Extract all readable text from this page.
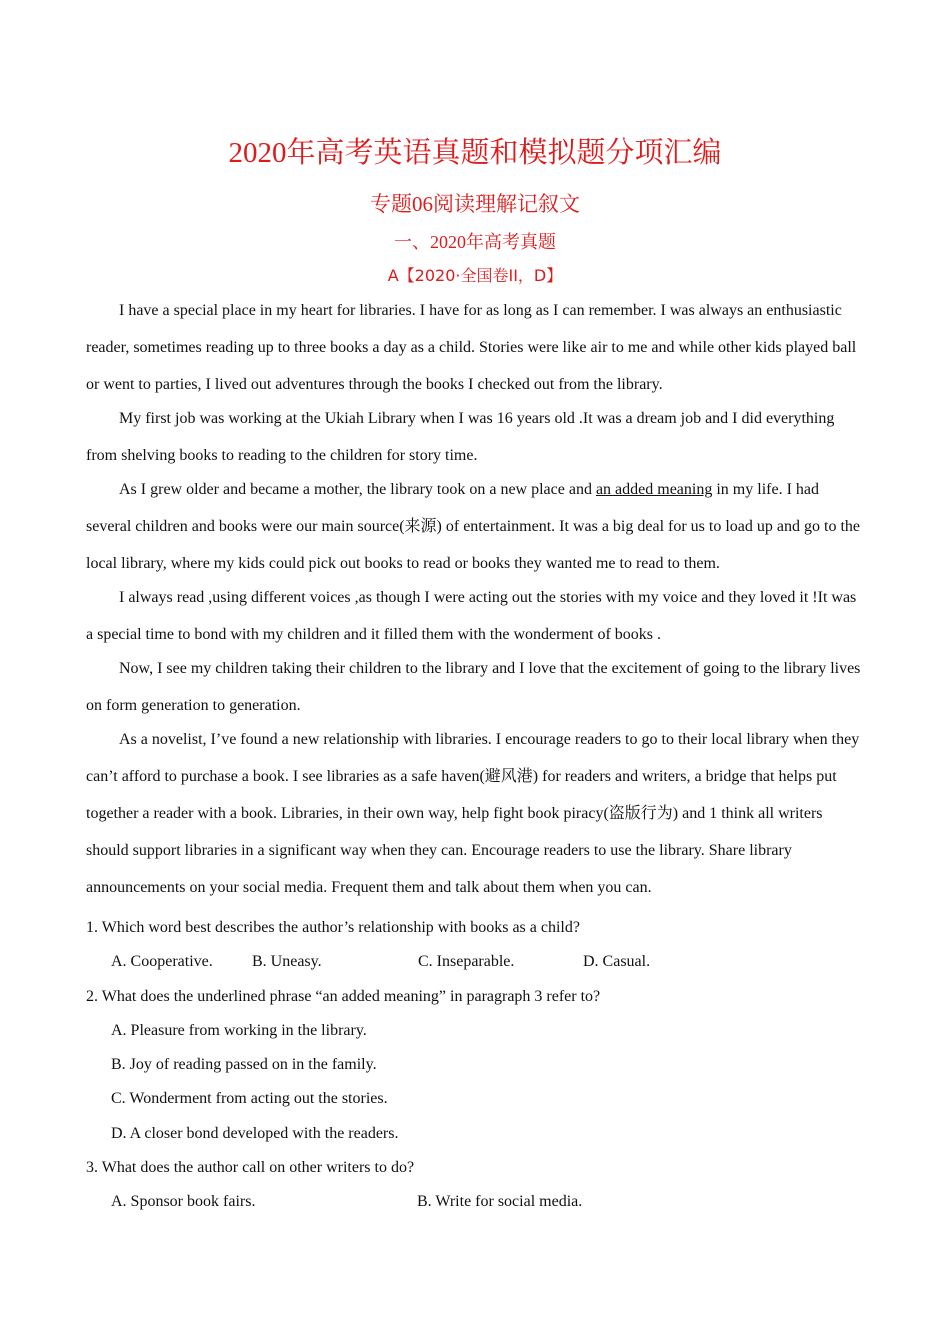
2020年高考英语真题和模拟题分项汇编
专题06阅读理解记叙文
一、2020年高考真题
A【2020·全国卷II，D】

I have a special place in my heart for libraries. I have for as long as I can remember. I was always an enthusiastic reader, sometimes reading up to three books a day as a child. Stories were like air to me and while other kids played ball or went to parties, I lived out adventures through the books I checked out from the library.

My first job was working at the Ukiah Library when I was 16 years old .It was a dream job and I did everything from shelving books to reading to the children for story time.

As I grew older and became a mother, the library took on a new place and an added meaning in my life. I had several children and books were our main source(来源) of entertainment. It was a big deal for us to load up and go to the local library, where my kids could pick out books to read or books they wanted me to read to them.

I always read ,using different voices ,as though I were acting out the stories with my voice and they loved it !It was a special time to bond with my children and it filled them with the wonderment of books .

Now, I see my children taking their children to the library and I love that the excitement of going to the library lives on form generation to generation.

As a novelist, I’ve found a new relationship with libraries. I encourage readers to go to their local library when they can’t afford to purchase a book. I see libraries as a safe haven(避风港) for readers and writers, a bridge that helps put together a reader with a book. Libraries, in their own way, help fight book piracy(盗版行为) and 1 think all writers should support libraries in a significant way when they can. Encourage readers to use the library. Share library announcements on your social media. Frequent them and talk about them when you can.

1. Which word best describes the author’s relationship with books as a child?
A. Cooperative.	B. Uneasy.	C. Inseparable.	D. Casual.
2. What does the underlined phrase “an added meaning” in paragraph 3 refer to?
A. Pleasure from working in the library.
B. Joy of reading passed on in the family.
C. Wonderment from acting out the stories.
D. A closer bond developed with the readers.
3. What does the author call on other writers to do?
A. Sponsor book fairs.	B. Write for social media.
